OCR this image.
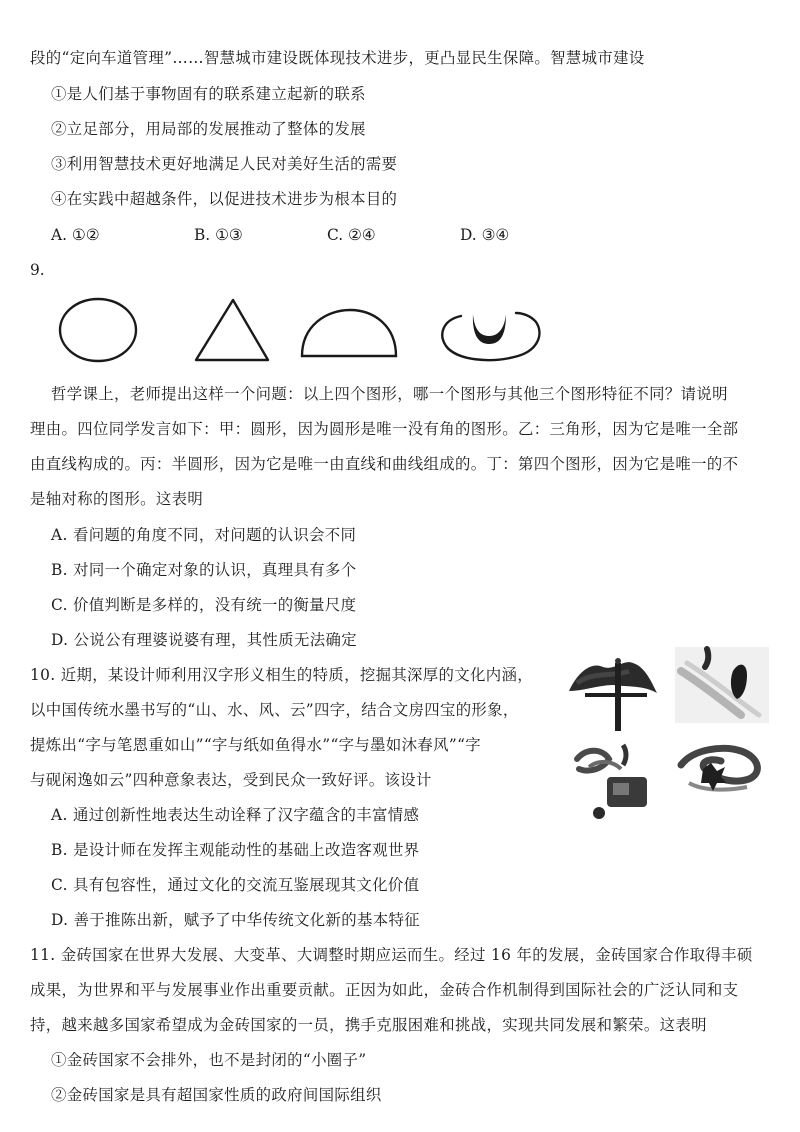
段的“定向车道管理”……智慧城市建设既体现技术进步，更凸显民生保障。智慧城市建设
①是人们基于事物固有的联系建立起新的联系
②立足部分，用局部的发展推动了整体的发展
③利用智慧技术更好地满足人民对美好生活的需要
④在实践中超越条件，以促进技术进步为根本目的
A. ①②	B. ①③	C. ②④	D. ③④
9.
哲学课上，老师提出这样一个问题：以上四个图形，哪一个图形与其他三个图形特征不同？请说明
理由。四位同学发言如下：甲：圆形，因为圆形是唯一没有角的图形。乙：三角形，因为它是唯一全部
由直线构成的。丙：半圆形，因为它是唯一由直线和曲线组成的。丁：第四个图形，因为它是唯一的不
是轴对称的图形。这表明
A. 看问题的角度不同，对问题的认识会不同
B. 对同一个确定对象的认识，真理具有多个
C. 价值判断是多样的，没有统一的衡量尺度
D. 公说公有理婆说婆有理，其性质无法确定
10. 近期，某设计师利用汉字形义相生的特质，挖掘其深厚的文化内涵，
以中国传统水墨书写的“山、水、风、云”四字，结合文房四宝的形象，
提炼出“字与笔恩重如山”“字与纸如鱼得水”“字与墨如沐春风”“字
与砚闲逸如云”四种意象表达，受到民众一致好评。该设计
A. 通过创新性地表达生动诠释了汉字蕴含的丰富情感
B. 是设计师在发挥主观能动性的基础上改造客观世界
C. 具有包容性，通过文化的交流互鉴展现其文化价值
D. 善于推陈出新，赋予了中华传统文化新的基本特征
11. 金砖国家在世界大发展、大变革、大调整时期应运而生。经过 16 年的发展，金砖国家合作取得丰硕
成果，为世界和平与发展事业作出重要贡献。正因为如此，金砖合作机制得到国际社会的广泛认同和支
持，越来越多国家希望成为金砖国家的一员，携手克服困难和挑战，实现共同发展和繁荣。这表明
①金砖国家不会排外，也不是封闭的“小圈子”
②金砖国家是具有超国家性质的政府间国际组织
